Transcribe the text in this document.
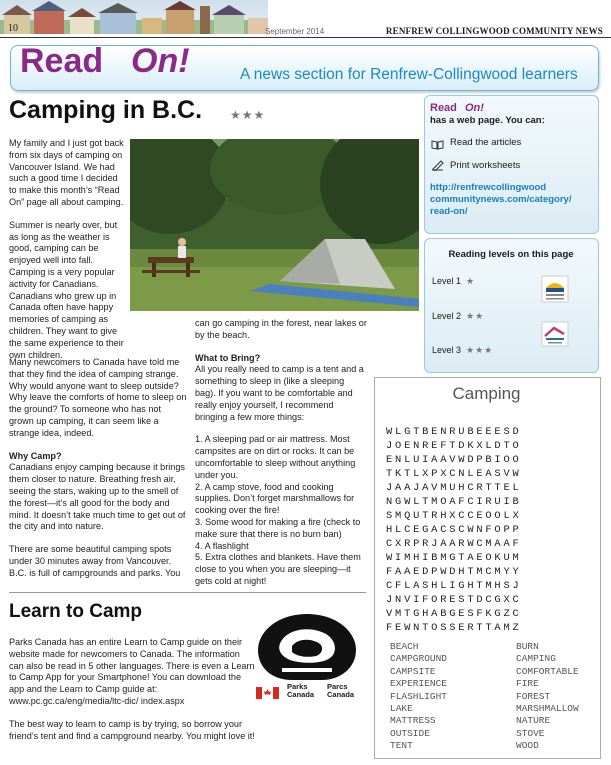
10	September 2014	RENFREW COLLINGWOOD COMMUNITY NEWS
Read On!	A news section for Renfrew-Collingwood learners
Camping in B.C. ★★★

My family and I just got back from six days of camping on Vancouver Island. We had such a good time I decided to make this month’s “Read On” page all about camping.

Summer is nearly over, but as long as the weather is good, camping can be enjoyed well into fall. Camping is a very popular activity for Canadians. Canadians who grew up in Canada often have happy memories of camping as children. They want to give the same experience to their own children.

Many newcomers to Canada have told me that they find the idea of camping strange. Why would anyone want to sleep outside? Why leave the comforts of home to sleep on the ground? To someone who has not grown up camping, it can seem like a strange idea, indeed.

Why Camp?

Canadians enjoy camping because it brings them closer to nature. Breathing fresh air, seeing the stars, waking up to the smell of the forest—it’s all good for the body and mind. It doesn’t take much time to get out of the city and into nature.

There are some beautiful camping spots under 30 minutes away from Vancouver. B.C. is full of campgrounds and parks. You

can go camping in the forest, near lakes or by the beach.

What to Bring?

All you really need to camp is a tent and a something to sleep in (like a sleeping bag). If you want to be comfortable and really enjoy yourself, I recommend bringing a few more things:

1. A sleeping pad or air mattress. Most campsites are on dirt or rocks. It can be uncomfortable to sleep without anything under you.
2. A camp stove, food and cooking supplies. Don’t forget marshmallows for cooking over the fire!
3. Some wood for making a fire (check to make sure that there is no burn ban)
4. A flashlight
5. Extra clothes and blankets. Have them close to you when you are sleeping—it gets cold at night!
Learn to Camp

Parks Canada has an entire Learn to Camp guide on their website made for newcomers to Canada. The information can also be read in 5 other languages. There is even a Learn to Camp App for your Smartphone! You can download the app and the Learn to Camp guide at: www.pc.gc.ca/eng/media/ltc-dic/ index.aspx

The best way to learn to camp is by trying, so borrow your friend’s tent and find a campground nearby. You might love it!

Parks Canada
Parcs Canada
Read On!
has a web page. You can:
Read the articles
Print worksheets
http://renfrewcollingwood communitynews.com/category/ read-on/
Reading levels on this page
Level 1 ★
Level 2 ★★
Level 3 ★★★
Camping
WLGTBENRUBEEESD
JOENREFTDKXLDTO
ENLUIAAVWDPBIOO
TKTLXPXCNLEASVW
JAAJAVMUHCRTTEL
NGWLTMOAFCIRUIB
SMQUTRHXCCEOOLX
HLCEGACSCWNFOPP
CXRPRJAARWCMAAF
WIMHIBMGTAEOKUM
FAAEDPWDHTMCMYY
CFLASHLIGHTMHSJ
JNVIFORESTDCGXC
VMTGHABGESFKGZC
FEWNTOSSERTTAMZ
BEACH
CAMPGROUND
CAMPSITE
EXPERIENCE
FLASHLIGHT
LAKE
MATTRESS
OUTSIDE
TENT
BURN
CAMPING
COMFORTABLE
FIRE
FOREST
MARSHMALLOW
NATURE
STOVE
WOOD
